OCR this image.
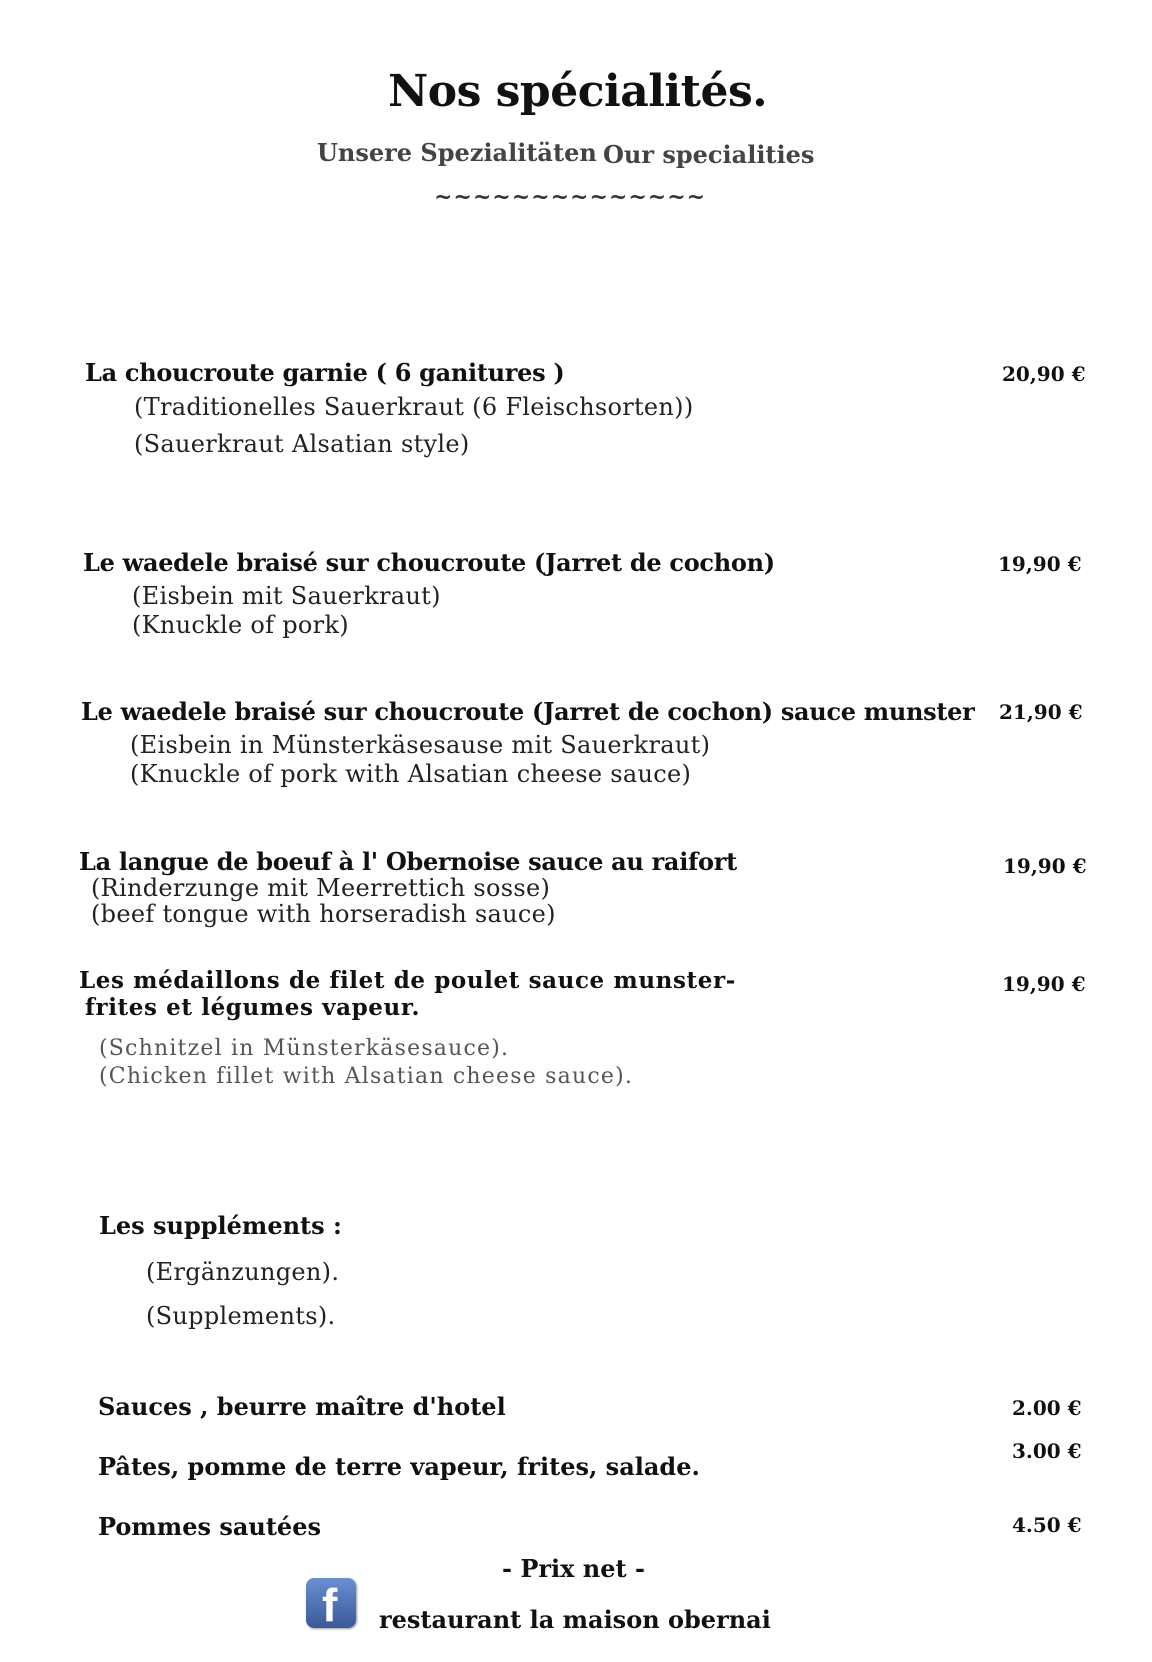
Nos spécialités.
Unsere Spezialitäten Our specialities
~~~~~~~~~~~~~~
La choucroute garnie ( 6 ganitures )
(Traditionelles Sauerkraut (6 Fleischsorten))
(Sauerkraut Alsatian style)
20,90 €
Le waedele braisé sur choucroute (Jarret de cochon)
(Eisbein mit Sauerkraut)
(Knuckle of pork)
19,90 €
Le waedele braisé sur choucroute (Jarret de cochon) sauce munster
(Eisbein in Münsterkäsesause mit Sauerkraut)
(Knuckle of pork with Alsatian cheese sauce)
21,90 €
La langue de boeuf à l' Obernoise sauce au raifort
(Rinderzunge mit Meerrettich sosse)
(beef tongue with horseradish sauce)
19,90 €
Les médaillons de filet de poulet sauce munster-
frites et légumes vapeur.
(Schnitzel in Münsterkäsesauce).
(Chicken fillet with Alsatian cheese sauce).
19,90 €
Les suppléments :
(Ergänzungen).
(Supplements).
Sauces , beurre maître d'hotel	2.00 €
Pâtes, pomme de terre vapeur, frites, salade.
3.00 €
Pommes sautées	4.50 €
- Prix net -
f restaurant la maison obernai
